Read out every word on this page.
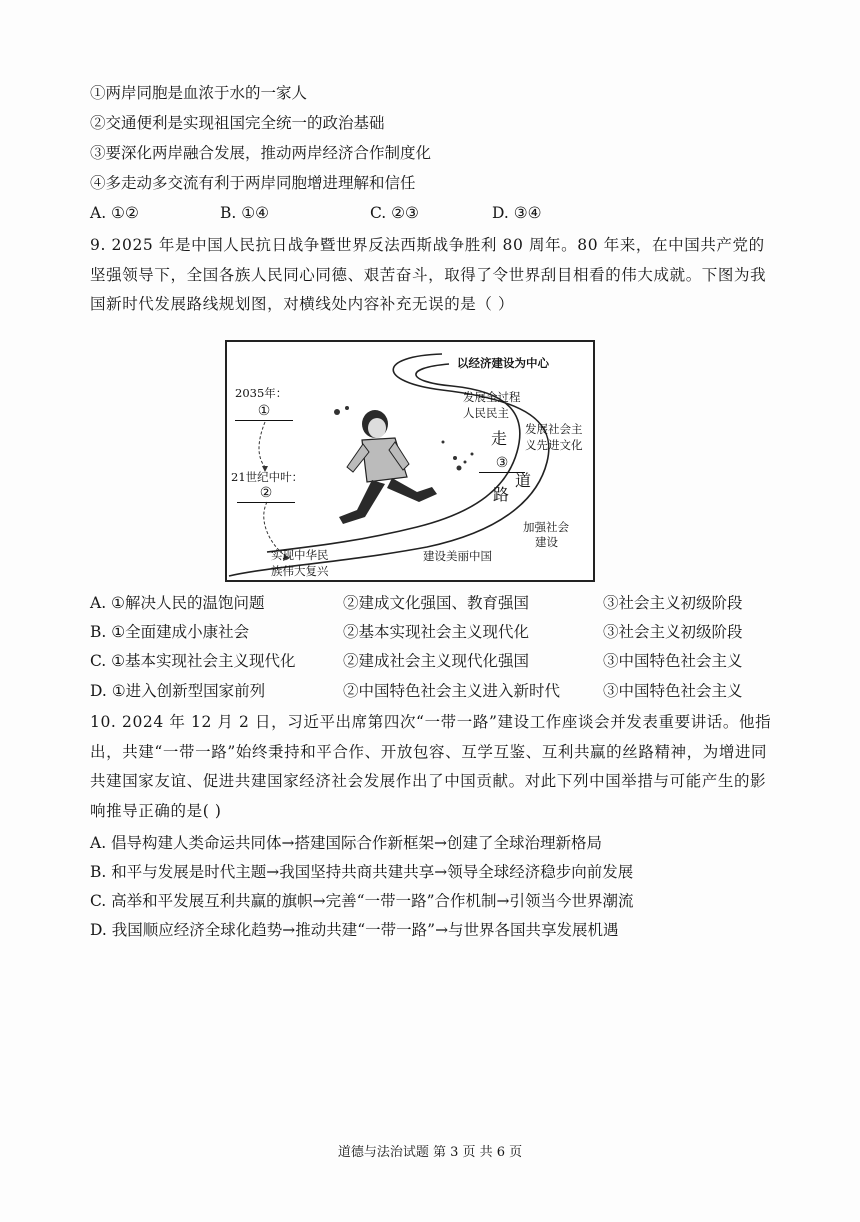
①两岸同胞是血浓于水的一家人
②交通便利是实现祖国完全统一的政治基础
③要深化两岸融合发展，推动两岸经济合作制度化
④多走动多交流有利于两岸同胞增进理解和信任
A. ①②	B. ①④	C. ②③	D. ③④
9. 2025 年是中国人民抗日战争暨世界反法西斯战争胜利 80 周年。80 年来，在中国共产党的坚强领导下，全国各族人民同心同德、艰苦奋斗，取得了令世界刮目相看的伟大成就。下图为我国新时代发展路线规划图，对横线处内容补充无误的是（ ）
以经济建设为中心
发展全过程
人民民主
发展社会主
义先进文化
2035年：
①
21世纪中叶：
②
走
③
道
路
加强社会
建设
建设美丽中国
实现中华民
族伟大复兴
A. ①解决人民的温饱问题	②建成文化强国、教育强国	③社会主义初级阶段
B. ①全面建成小康社会	②基本实现社会主义现代化	③社会主义初级阶段
C. ①基本实现社会主义现代化	②建成社会主义现代化强国	③中国特色社会主义
D. ①进入创新型国家前列	②中国特色社会主义进入新时代	③中国特色社会主义
10. 2024 年 12 月 2 日，习近平出席第四次“一带一路”建设工作座谈会并发表重要讲话。他指出，共建“一带一路”始终秉持和平合作、开放包容、互学互鉴、互利共赢的丝路精神，为增进同共建国家友谊、促进共建国家经济社会发展作出了中国贡献。对此下列中国举措与可能产生的影响推导正确的是( )
A. 倡导构建人类命运共同体→搭建国际合作新框架→创建了全球治理新格局
B. 和平与发展是时代主题→我国坚持共商共建共享→领导全球经济稳步向前发展
C. 高举和平发展互利共赢的旗帜→完善“一带一路”合作机制→引领当今世界潮流
D. 我国顺应经济全球化趋势→推动共建“一带一路”→与世界各国共享发展机遇
道德与法治试题 第 3 页 共 6 页
